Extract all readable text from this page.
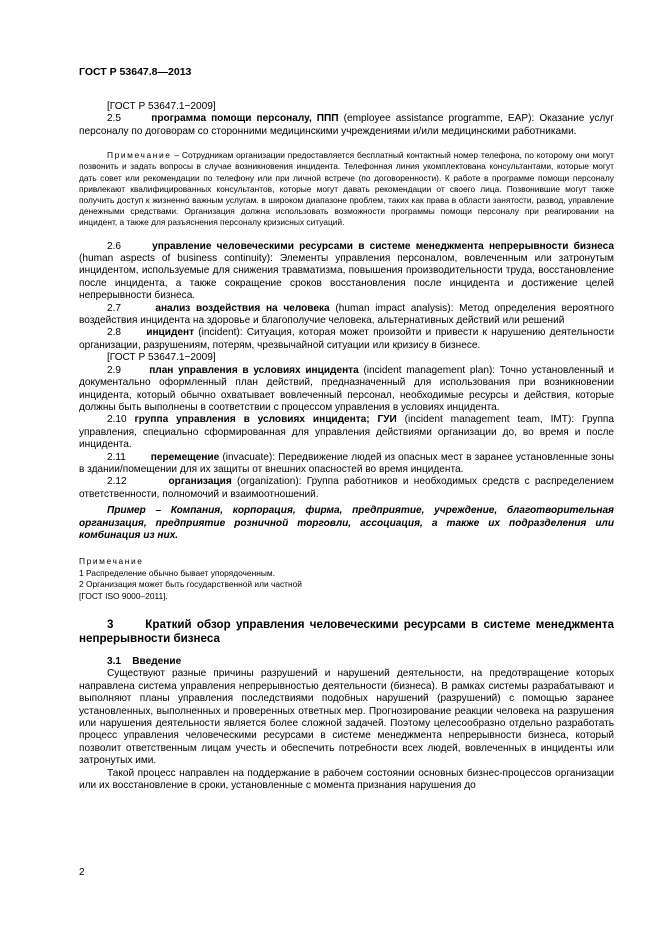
ГОСТ Р 53647.8—2013

[ГОСТ Р 53647.1−2009]

2.5	программа помощи персоналу, ППП (employee assistance programme, EAP): Оказание услуг персоналу по договорам со сторонними медицинскими учреждениями и/или медицинскими работниками.

Примечание – Сотрудникам организации предоставляется бесплатный контактный номер телефона, по которому они могут позвонить и задать вопросы в случае возникновения инцидента. Телефонная линия укомплектована консультантами, которые могут дать совет или рекомендации по телефону или при личной встрече (по договоренности). К работе в программе помощи персоналу привлекают квалифицированных консультантов, которые могут давать рекомендации от своего лица. Позвонившие могут также получить доступ к жизненно важным услугам. в широком диапазоне проблем, таких как права в области занятости, развод, управление денежными средствами. Организация должна использовать возможности программы помощи персоналу при реагировании на инцидент, а также для разъяснения персоналу кризисных ситуаций.

2.6	управление человеческими ресурсами в системе менеджмента непрерывности бизнеса (human aspects of business continuity): Элементы управления персоналом, вовлеченным или затронутым инцидентом, используемые для снижения травматизма, повышения производительности труда, восстановление после инцидента, а также сокращение сроков восстановления после инцидента и достижение целей непрерывности бизнеса.

2.7	анализ воздействия на человека (human impact analysis): Метод определения вероятного воздействия инцидента на здоровье и благополучие человека, альтернативных действий или решений

2.8 инцидент (incident): Ситуация, которая может произойти и привести к нарушению деятельности организации, разрушениям, потерям, чрезвычайной ситуации или кризису в бизнесе.

[ГОСТ Р 53647.1−2009]

2.9	план управления в условиях инцидента (incident management plan): Точно установленный и документально оформленный план действий, предназначенный для использования при возникновении инцидента, который обычно охватывает вовлеченный персонал, необходимые ресурсы и действия, которые должны быть выполнены в соответствии с процессом управления в условиях инцидента.

2.10 группа управления в условиях инцидента; ГУИ (incident management team, IMT): Группа управления, специально сформированная для управления действиями организации до, во время и после инцидента.

2.11 перемещение (invacuate): Передвижение людей из опасных мест в заранее установленные зоны в здании/помещении для их защиты от внешних опасностей во время инцидента.

2.12	организация (organization): Группа работников и необходимых средств с распределением ответственности, полномочий и взаимоотношений.

Пример – Компания, корпорация, фирма, предприятие, учреждение, благотворительная организация, предприятие розничной торговли, ассоциация, а также их подразделения или комбинация из них.

Примечание

1 Распределение обычно бывает упорядоченным.

2 Организация может быть государственной или частной

[ГОСТ ISO 9000–2011].

3	Краткий обзор управления человеческими ресурсами в системе менеджмента непрерывности бизнеса
3.1 Введение

Существуют разные причины разрушений и нарушений деятельности, на предотвращение которых направлена система управления непрерывностью деятельности (бизнеса). В рамках системы разрабатывают и выполняют планы управления последствиями подобных нарушений (разрушений) с помощью заранее установленных, выполненных и проверенных ответных мер. Прогнозирование реакции человека на разрушения или нарушения деятельности является более сложной задачей. Поэтому целесообразно отдельно разработать процесс управления человеческими ресурсами в системе менеджмента непрерывности бизнеса, который позволит ответственным лицам учесть и обеспечить потребности всех людей, вовлеченных в инциденты или затронутых ими.

Такой процесс направлен на поддержание в рабочем состоянии основных бизнес-процессов организации или их восстановление в сроки, установленные с момента признания нарушения до

2
